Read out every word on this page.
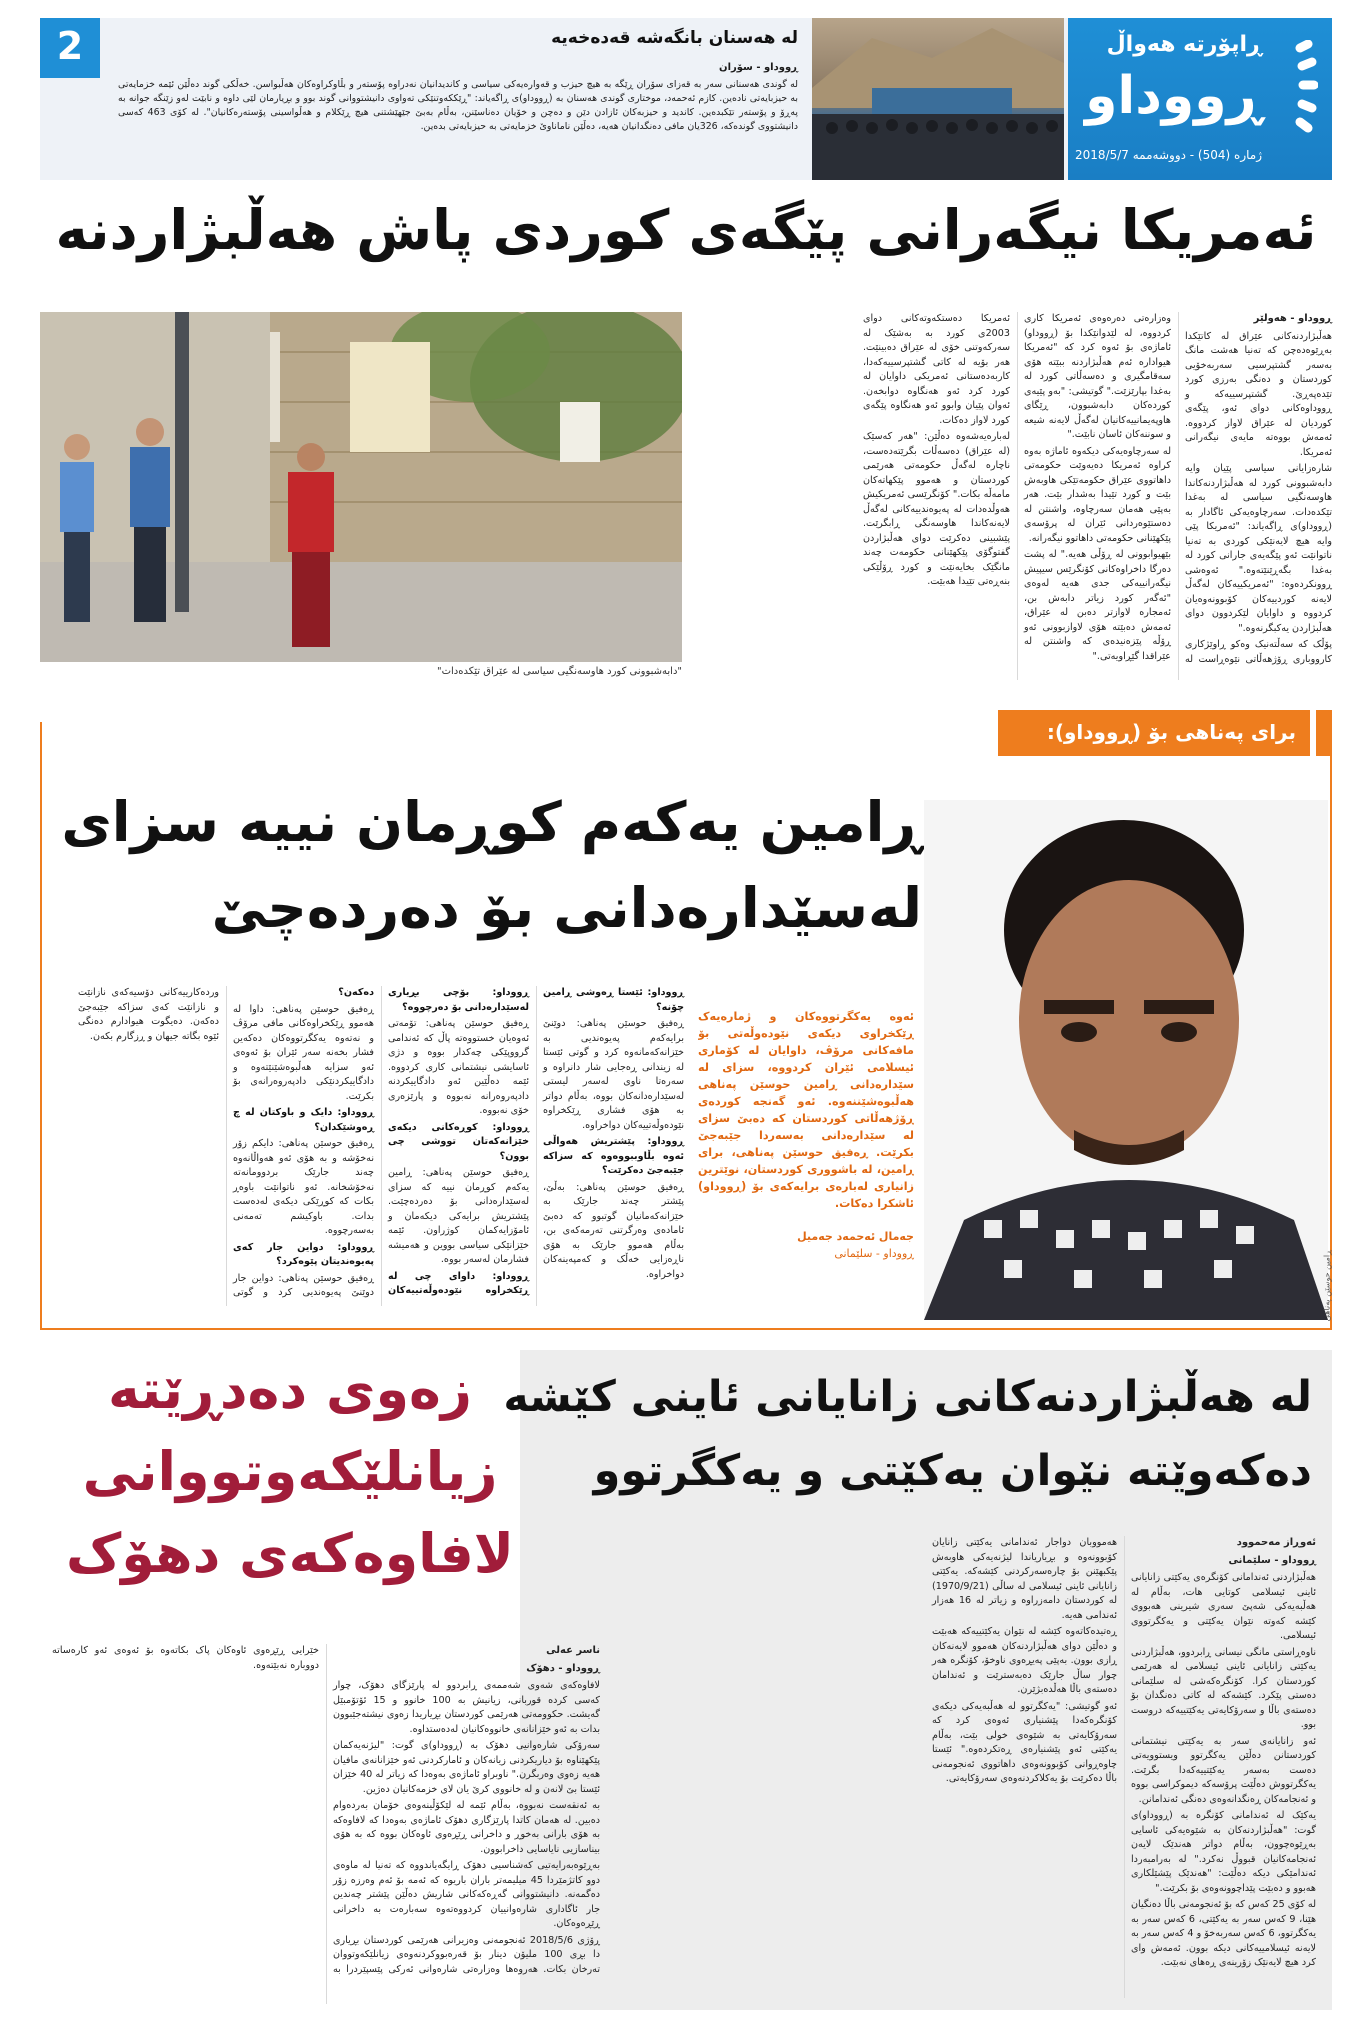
ڕاپۆرتە هەواڵ
ڕووداو
ژمارە (504) - دووشەممە 2018/5/7
2	لە هەسنان بانگەشە قەدەخەیە
ڕووداو - سۆران
لە گوندی هەسنانی سەر بە قەزای سۆران ڕێگە بە هیچ حیزب و قەوارەیەکی سیاسی و کاندیدانیان نەدراوە پۆستەر و بڵاوکراوەکان هەڵبواسن. خەڵکی گوند دەڵێن ئێمە خزمایەتی بە حیزبایەتی نادەین. کازم ئەحمەد، موختاری گوندی هەسنان بە (ڕووداو)ی ڕاگەیاند: "ڕێککەوتنێکی تەواوی دانیشتووانی گوند بوو و بڕیارمان لێی داوە و نابێت لەو زێنگە جوانە بە پەڕۆ و پۆستەر تێکبدەین. کاندید و حیزبەکان ئازادن دێن و دەچن و خۆیان دەناسێنن، بەڵام بەبێ جێهێشتنی هیچ ڕێکلام و هەڵواسینی پۆستەرەکانیان". لە کۆی 463 کەسی دانیشتووی گوندەکە، 326یان مافی دەنگدانیان هەیە، دەڵێن ناماناوێ خزمایەتی بە حیزبایەتی بدەین.
ئەمریکا نیگەرانی پێگەی کوردی پاش هەڵبژاردنە
ڕووداو - هەولێر

هەڵبژاردنەکانی عێراق لە کاتێکدا بەڕێوەدەچن کە تەنیا هەشت مانگ بەسەر گشتپرسیی سەربەخۆیی کوردستان و دەنگی بەرزی کورد تێدەپەڕێ. گشتپرسییەکە و ڕووداوەکانی دوای ئەو، پێگەی کوردیان لە عێراق لاواز کردووە. ئەمەش بووەتە مایەی نیگەرانی ئەمریکا.

شارەزایانی سیاسی پێیان وایە دابەشبوونی کورد لە هەڵبژاردنەکاندا هاوسەنگیی سیاسی لە بەغدا تێکدەدات. سەرچاوەیەکی ئاگادار بە (ڕووداو)ی ڕاگەیاند: "ئەمریکا پێی وایە هیچ لایەنێکی کوردی بە تەنیا ناتوانێت ئەو پێگەیەی جارانی کورد لە بەغدا بگەڕێنێتەوە." ئەوەشی ڕوونکردەوە: "ئەمریکییەکان لەگەڵ لایەنە کوردییەکان کۆبوونەوەیان کردووە و داوایان لێکردوون دوای هەڵبژاردن یەکبگرنەوە."

پۆڵک کە سەڵتەنیک وەکو ڕاوێژکاری کارووباری ڕۆژهەڵاتی نێوەڕاست لە وەزارەتی دەرەوەی ئەمریکا کاری کردووە، لە لێدوانێکدا بۆ (ڕووداو) ئاماژەی بۆ ئەوە کرد کە "ئەمریکا هیوادارە ئەم هەڵبژاردنە ببێتە هۆی سەقامگیری و دەسەڵاتی کورد لە بەغدا بپارێزێت." گوتیشی: "بەو پێیەی کوردەکان دابەشبوون، ڕێگای هاوپەیمانییەکانیان لەگەڵ لایەنە شیعە و سوننەکان ئاسان نابێت."

لە سەرچاوەیەکی دیکەوە ئاماژە بەوە کراوە ئەمریکا دەیەوێت حکومەتی داهاتووی عێراق حکومەتێکی هاوبەش بێت و کورد تێیدا بەشدار بێت. هەر بەپێی هەمان سەرچاوە، واشنتن لە دەستێوەردانی ئێران لە پرۆسەی پێکهێنانی حکومەتی داهاتوو نیگەرانە.

بێهیوابوونی لە ڕۆڵی هەیە." لە پشت دەرگا داخراوەکانی کۆنگرێس سیپیش نیگەرانییەکی جدی هەیە لەوەی "ئەگەر کورد زیاتر دابەش بن، ئەمجارە لاوازتر دەبن لە عێراق، ئەمەش دەبێتە هۆی لاوازبوونی ئەو ڕۆڵە پێزەنیدەی کە واشنتن لە عێراقدا گێڕاویەتی."

ئەمریکا دەستکەوتەکانی دوای 2003ی کورد بە بەشێک لە سەرکەوتنی خۆی لە عێراق دەبینێت. هەر بۆیە لە کاتی گشتپرسییەکەدا، کاربەدەستانی ئەمریکی داوایان لە کورد کرد ئەو هەنگاوە دوابخەن. ئەوان پێیان وابوو ئەو هەنگاوە پێگەی کورد لاواز دەکات.

لەبارەیەشەوە دەڵێن: "هەر کەسێک (لە عێراق) دەسەڵات بگرێتەدەست، ناچارە لەگەڵ حکومەتی هەرێمی کوردستان و هەموو پێکهاتەکان مامەڵە بکات." کۆنگرێسی ئەمریکیش هەوڵدەدات لە پەیوەندییەکانی لەگەڵ لایەنەکاندا هاوسەنگی ڕابگرێت. پێشبینی دەکرێت دوای هەڵبژاردن گفتوگۆی پێکهێنانی حکومەت چەند مانگێک بخایەنێت و کورد ڕۆڵێکی بنەڕەتی تێیدا هەبێت.

"دابەشبوونی کورد هاوسەنگیی سیاسی لە عێراق تێکدەدات"
برای پەناهی بۆ (ڕووداو):
ڕامین یەکەم کوڕمان نییە سزای
لەسێدارەدانی بۆ دەردەچێ
ڕامین حوسێن پەناهی
ئەوە یەکگرتووەکان و ژمارەیەک ڕێکخراوی دیکەی نێودەوڵەتی بۆ مافەکانی مرۆڤ، داوایان لە کۆماری ئیسلامی ئێران کردووە، سزای لە سێدارەدانی ڕامین حوسێن پەناهی هەڵبوەشێننەوە. ئەو گەنجە کوردەی ڕۆژهەڵاتی کوردستان کە دەبێ سزای لە سێدارەدانی بەسەردا جێبەجێ بکرێت. ڕەفیق حوسێن پەناهی، برای ڕامین، لە باشووری کوردستان، نوێترین زانیاری لەبارەی برایەکەی بۆ (ڕووداو) ئاشکرا دەکات.
جەمال ئەحمەد جەمیل
ڕووداو - سلێمانی

ڕووداو: ئێستا ڕەوشی ڕامین چۆنە؟

ڕەفیق حوسێن پەناهی: دوێنێ برایەکەم پەیوەندیی بە خێزانەکەمانەوە کرد و گوتی ئێستا لە زیندانی ڕەجایی شار دانراوە و سەرەتا ناوی لەسەر لیستی لەسێدارەدانەکان بووە، بەڵام دواتر بە هۆی فشاری ڕێکخراوە نێودەوڵەتییەکان دواخراوە.

ڕووداو: پێشتریش هەواڵی ئەوە بڵاوببووەوە کە سزاکە جێبەجێ دەکرێت؟

ڕەفیق حوسێن پەناهی: بەڵێ، پێشتر چەند جارێک بە خێزانەکەمانیان گوتبوو کە دەبێ ئامادەی وەرگرتنی تەرمەکەی بن، بەڵام هەموو جارێک بە هۆی ناڕەزایی خەڵک و کەمپەینەکان دواخراوە.

ڕووداو: بۆچی بڕیاری لەسێدارەدانی بۆ دەرچووە؟

ڕەفیق حوسێن پەناهی: تۆمەتی ئەوەیان خستووەتە پاڵ کە ئەندامی گرووپێکی چەکدار بووە و دژی ئاسایشی نیشتمانی کاری کردووە. ئێمە دەڵێین ئەو دادگاییکردنە دادپەروەرانە نەبووە و پارێزەری خۆی نەبووە.

ڕووداو: کوڕەکانی دیکەی خێزانەکەتان تووشی چی بوون؟

ڕەفیق حوسێن پەناهی: ڕامین یەکەم کوڕمان نییە کە سزای لەسێدارەدانی بۆ دەردەچێت. پێشتریش برایەکی دیکەمان و ئامۆزایەکمان کوژراون. ئێمە خێزانێکی سیاسی بووین و هەمیشە فشارمان لەسەر بووە.

ڕووداو: داوای چی لە ڕێکخراوە نێودەوڵەتییەکان دەکەن؟

ڕەفیق حوسێن پەناهی: داوا لە هەموو ڕێکخراوەکانی مافی مرۆڤ و نەتەوە یەکگرتووەکان دەکەین فشار بخەنە سەر ئێران بۆ ئەوەی ئەو سزایە هەڵبوەشێنێتەوە و دادگاییکردنێکی دادپەروەرانەی بۆ بکرێت.

ڕووداو: دایک و باوکتان لە چ ڕەوشێکدان؟

ڕەفیق حوسێن پەناهی: دایکم زۆر نەخۆشە و بە هۆی ئەو هەواڵانەوە چەند جارێک بردوومانەتە نەخۆشخانە. ئەو ناتوانێت باوەڕ بکات کە کوڕێکی دیکەی لەدەست بدات. باوکیشم تەمەنی بەسەرچووە.

ڕووداو: دواین جار کەی پەیوەندیتان پێوەکرد؟

ڕەفیق حوسێن پەناهی: دواین جار دوێنێ پەیوەندیی کرد و گوتی وردەکارییەکانی دۆسیەکەی نازانێت و نازانێت کەی سزاکە جێبەجێ دەکەن. دەیگوت هیوادارم دەنگی ئێوە بگاتە جیهان و ڕزگارم بکەن.

لە هەڵبژاردنەکانی زانایانی ئاینی کێشە
دەکەوێتە نێوان یەکێتی و یەکگرتوو
ئەوڕاز مەحموود
ڕووداو - سلێمانی

هەڵبژاردنی ئەندامانی کۆنگرەی یەکێتی زانایانی ئاینی ئیسلامی کوتایی هات، بەڵام لە هەڵبەیەکی شەپێ سەری شیرینی هەبووی کێشە کەوتە نێوان یەکێتی و یەکگرتووی ئیسلامی.

ناوەڕاستی مانگی نیسانی ڕابردوو، هەڵبژاردنی یەکێتی زانایانی ئاینی ئیسلامی لە هەرێمی کوردستان کرا. کۆنگرەکەشی لە سلێمانی دەستی پێکرد. کێشەکە لە کاتی دەنگدان بۆ دەستەی باڵا و سەرۆکایەتی یەکێتییەکە دروست بوو.

ئەو زانایانەی سەر بە یەکێتی نیشتمانی کوردستانن دەڵێن یەکگرتوو ویستوویەتی دەست بەسەر یەکێتییەکەدا بگرێت. یەکگرتووش دەڵێت پرۆسەکە دیموکراسی بووە و ئەنجامەکان ڕەنگدانەوەی دەنگی ئەندامانن.

یەکێک لە ئەندامانی کۆنگرە بە (ڕووداو)ی گوت: "هەڵبژاردنەکان بە شێوەیەکی ئاسایی بەڕێوەچوون، بەڵام دواتر هەندێک لایەن ئەنجامەکانیان قبووڵ نەکرد." لە بەرامبەردا ئەندامێکی دیکە دەڵێت: "هەندێک پێشێلکاری هەبوو و دەبێت پێداچوونەوەی بۆ بکرێت."

لە کۆی 25 کەس کە بۆ ئەنجومەنی باڵا دەنگیان هێنا، 9 کەس سەر بە یەکێتی، 6 کەس سەر بە یەکگرتوو، 6 کەس سەربەخۆ و 4 کەس سەر بە لایەنە ئیسلامییەکانی دیکە بوون. ئەمەش وای کرد هیچ لایەنێک زۆرینەی ڕەهای نەبێت.

هەمووبان دواجار ئەندامانی یەکێتی زانایان کۆبوونەوە و بڕیاریاندا لیژنەیەکی هاوبەش پێکبهێنن بۆ چارەسەرکردنی کێشەکە. یەکێتی زانایانی ئاینی ئیسلامی لە ساڵی (1970/9/21) لە کوردستان دامەزراوە و زیاتر لە 16 هەزار ئەندامی هەیە.

ڕەتیدەکاتەوە کێشە لە نێوان یەکێتییەکە هەبێت و دەڵێن دوای هەڵبژاردنەکان هەموو لایەنەکان ڕازی بوون. بەپێی پەیڕەوی ناوخۆ، کۆنگرە هەر چوار ساڵ جارێک دەبەسترێت و ئەندامان دەستەی باڵا هەڵدەبژێرن.

ئەو گوتیشی: "یەکگرتوو لە هەڵبەیەکی دیکەی کۆنگرەکەدا پێشنیاری ئەوەی کرد کە سەرۆکایەتی بە شێوەی خولی بێت، بەڵام یەکێتی ئەو پێشنیارەی ڕەتکردەوە." ئێستا چاوەڕوانی کۆبوونەوەی داهاتووی ئەنجومەنی باڵا دەکرێت بۆ یەکلاکردنەوەی سەرۆکایەتی.

زەوی دەدڕێتە
زیانلێکەوتووانی
لافاوەکەی دهۆک
ناسر عەلی
ڕووداو - دهۆک

لافاوەکەی شەوی شەممەی ڕابردوو لە پارێزگای دهۆک، چوار کەسی کردە قوربانی، زیانیش بە 100 خانوو و 15 ئۆتۆمبێل گەیشت. حکوومەتی هەرێمی کوردستان بڕیاریدا زەوی نیشتەجێبوون بدات بە ئەو خێزانانەی خانووەکانیان لەدەستداوە.

سەرۆکی شارەوانیی دهۆک بە (ڕووداو)ی گوت: "لیژنەیەکمان پێکهێناوە بۆ دیاریکردنی زیانەکان و ئامارکردنی ئەو خێزانانەی مافیان هەیە زەوی وەربگرن." ناوبراو ئاماژەی بەوەدا کە زیاتر لە 40 خێزان ئێستا بێ لانەن و لە خانووی کرێ یان لای خزمەکانیان دەژین.

بە ئەنقەست نەبووە، بەڵام ئێمە لە لێکۆڵینەوەی خۆمان بەردەوام دەبین. لە هەمان کاتدا پارێزگاری دهۆک ئاماژەی بەوەدا کە لافاوەکە بە هۆی بارانی بەخوڕ و داخرانی ڕێڕەوی ئاوەکان بووە کە بە هۆی بیناسازیی نایاسایی داخرابوون.

بەڕێوەبەرایەتیی کەشناسیی دهۆک ڕایگەیاندووە کە تەنیا لە ماوەی دوو کاتژمێردا 45 میلیمەتر باران باریوە کە ئەمە بۆ ئەم وەرزە زۆر دەگمەنە. دانیشتووانی گەڕەکەکانی شاریش دەڵێن پێشتر چەندین جار ئاگاداری شارەوانییان کردووەتەوە سەبارەت بە داخرانی ڕێڕەوەکان.

ڕۆژی 2018/5/6 ئەنجومەنی وەزیرانی هەرێمی کوردستان بڕیاری دا بڕی 100 ملیۆن دینار بۆ قەرەبووکردنەوەی زیانلێکەوتووان تەرخان بکات. هەروەها وەزارەتی شارەوانی ئەرکی پێسپێردرا بە خێرایی ڕێڕەوی ئاوەکان پاک بکاتەوە بۆ ئەوەی ئەو کارەساتە دووبارە نەبێتەوە.
